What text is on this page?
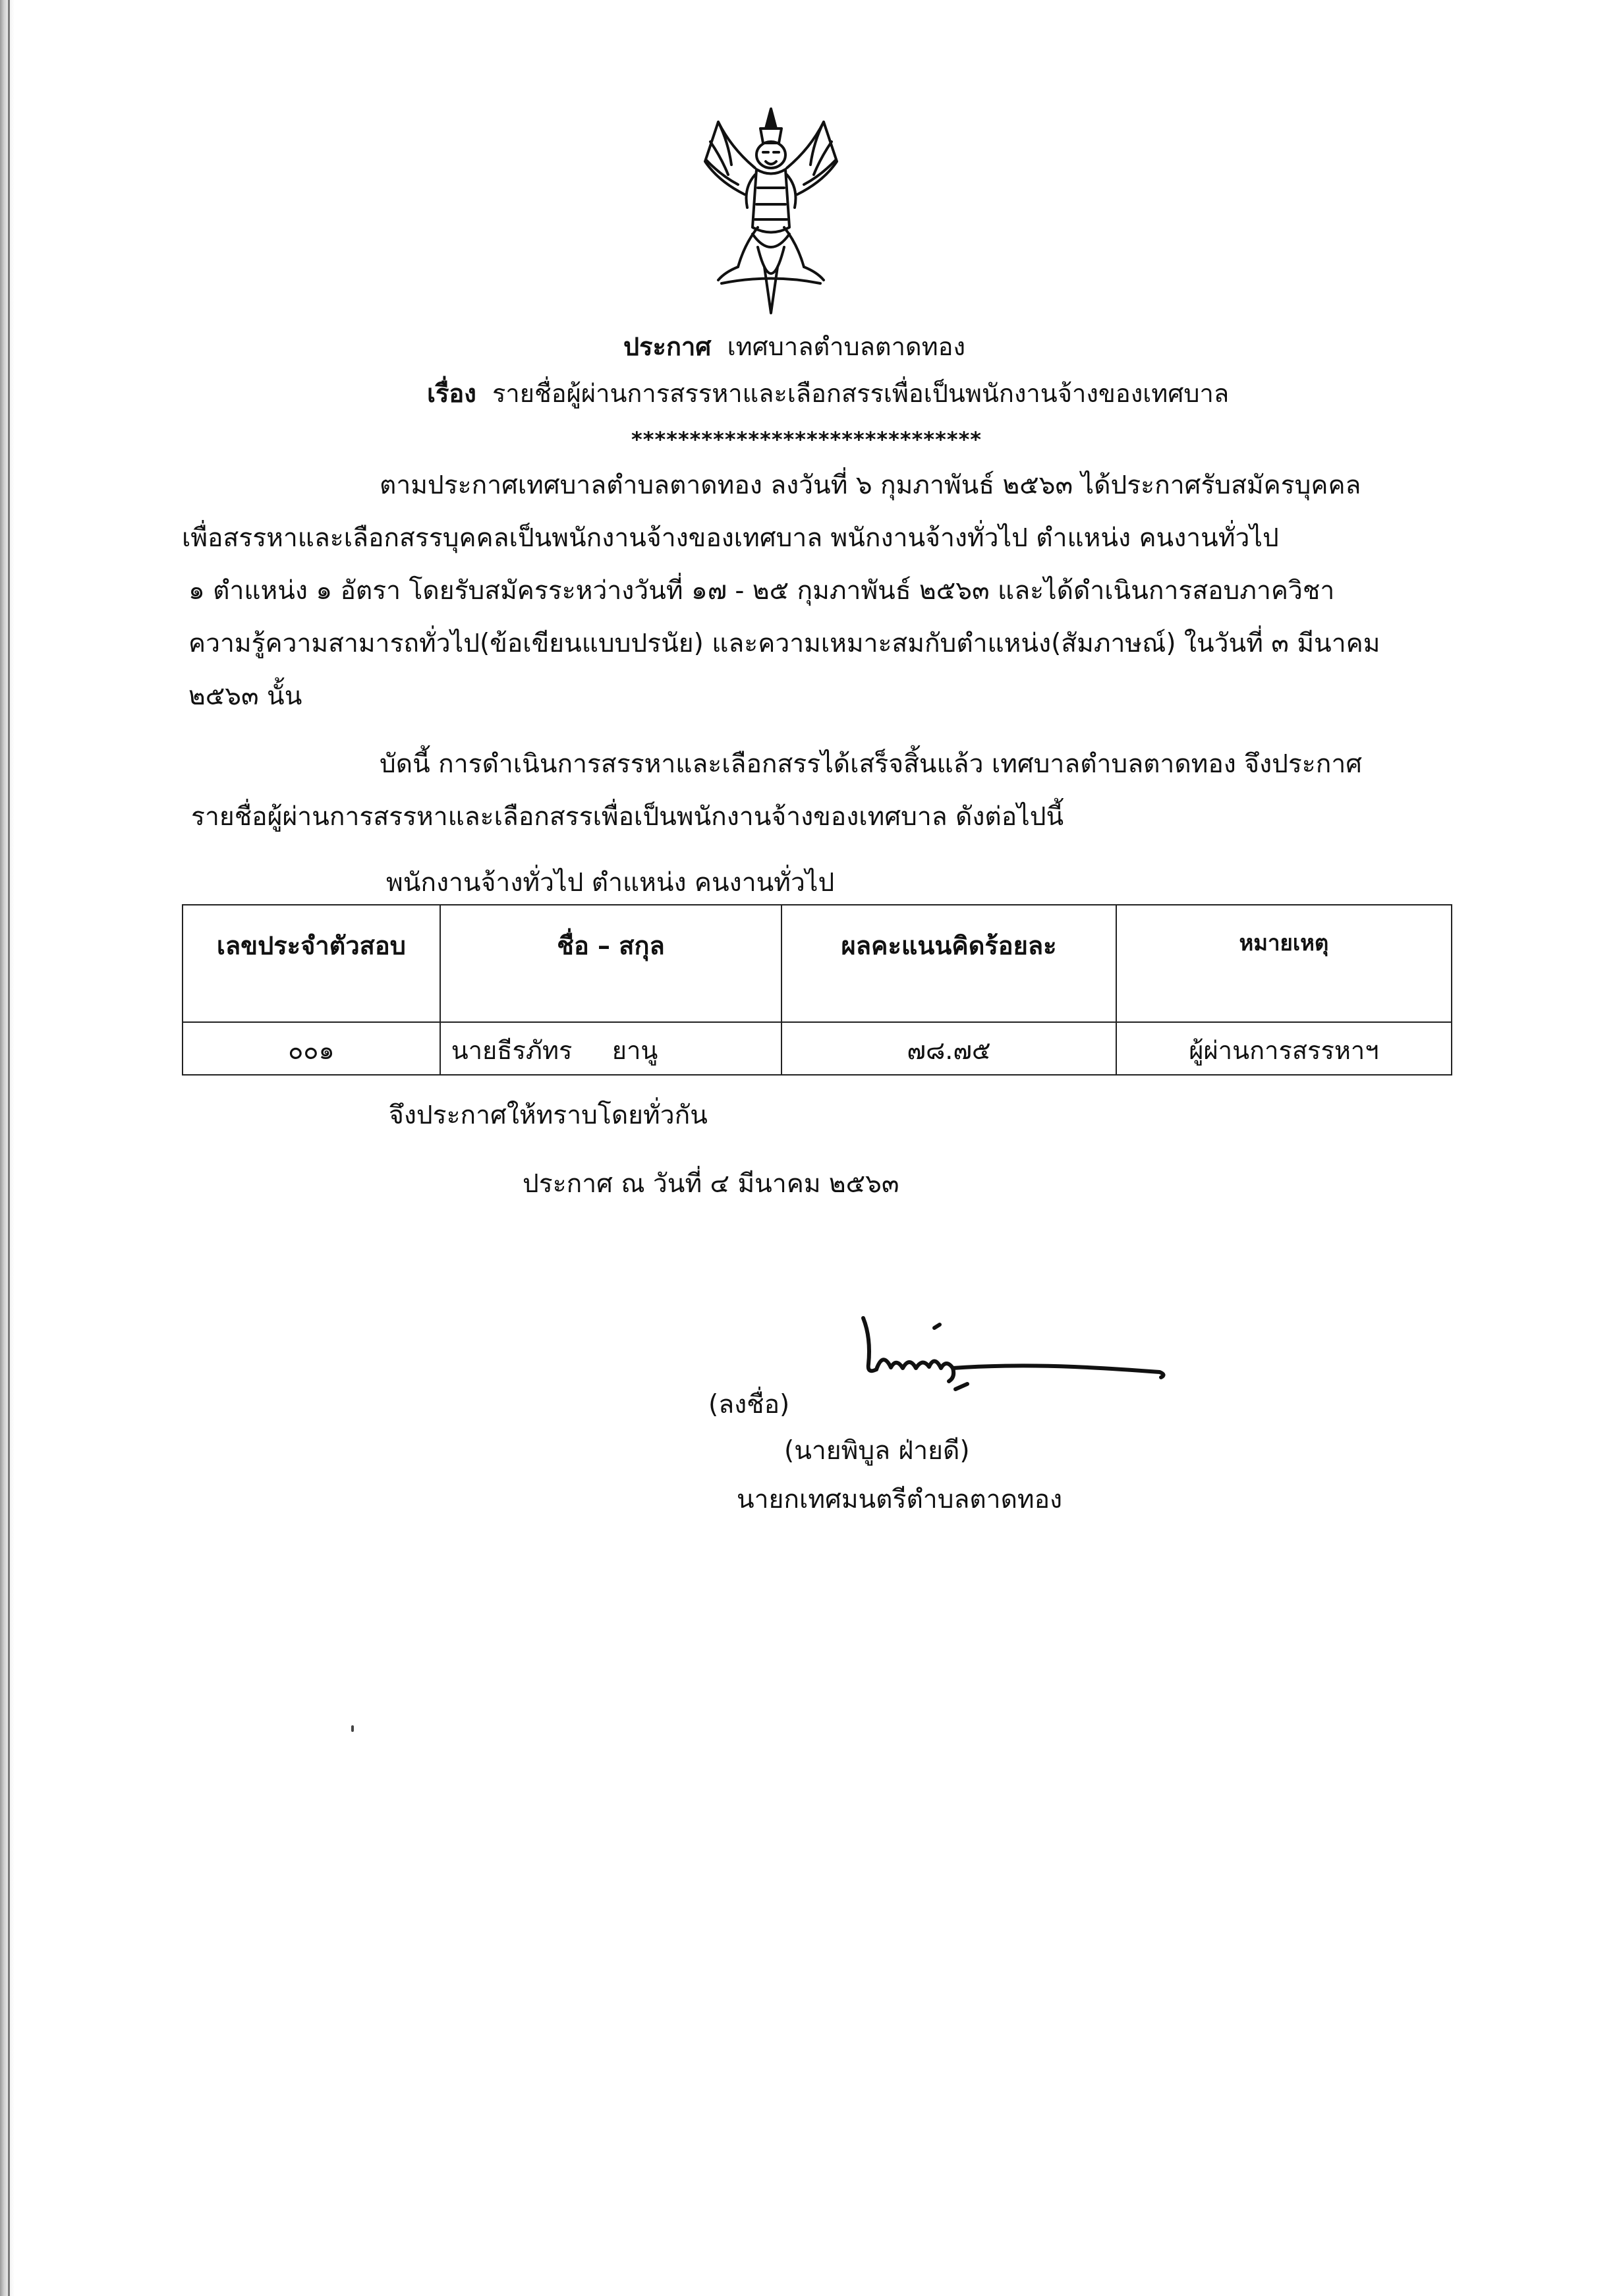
ประกาศ เทศบาลตำบลตาดทอง
เรื่อง รายชื่อผู้ผ่านการสรรหาและเลือกสรรเพื่อเป็นพนักงานจ้างของเทศบาล
******************************
ตามประกาศเทศบาลตำบลตาดทอง ลงวันที่ ๖ กุมภาพันธ์ ๒๕๖๓ ได้ประกาศรับสมัครบุคคล
เพื่อสรรหาและเลือกสรรบุคคลเป็นพนักงานจ้างของเทศบาล พนักงานจ้างทั่วไป ตำแหน่ง คนงานทั่วไป
๑ ตำแหน่ง ๑ อัตรา โดยรับสมัครระหว่างวันที่ ๑๗ - ๒๕ กุมภาพันธ์ ๒๕๖๓ และได้ดำเนินการสอบภาควิชา
ความรู้ความสามารถทั่วไป(ข้อเขียนแบบปรนัย) และความเหมาะสมกับตำแหน่ง(สัมภาษณ์) ในวันที่ ๓ มีนาคม
๒๕๖๓ นั้น
บัดนี้ การดำเนินการสรรหาและเลือกสรรได้เสร็จสิ้นแล้ว เทศบาลตำบลตาดทอง จึงประกาศ
รายชื่อผู้ผ่านการสรรหาและเลือกสรรเพื่อเป็นพนักงานจ้างของเทศบาล ดังต่อไปนี้
พนักงานจ้างทั่วไป ตำแหน่ง คนงานทั่วไป
เลขประจำตัวสอบ	ชื่อ – สกุล	ผลคะแนนคิดร้อยละ	หมายเหตุ
๐๐๑	นายธีรภัทร     ยานู	๗๘.๗๕	ผู้ผ่านการสรรหาฯ
จึงประกาศให้ทราบโดยทั่วกัน
ประกาศ ณ วันที่ ๔ มีนาคม ๒๕๖๓
(ลงชื่อ)
(นายพิบูล ฝ่ายดี)
นายกเทศมนตรีตำบลตาดทอง
